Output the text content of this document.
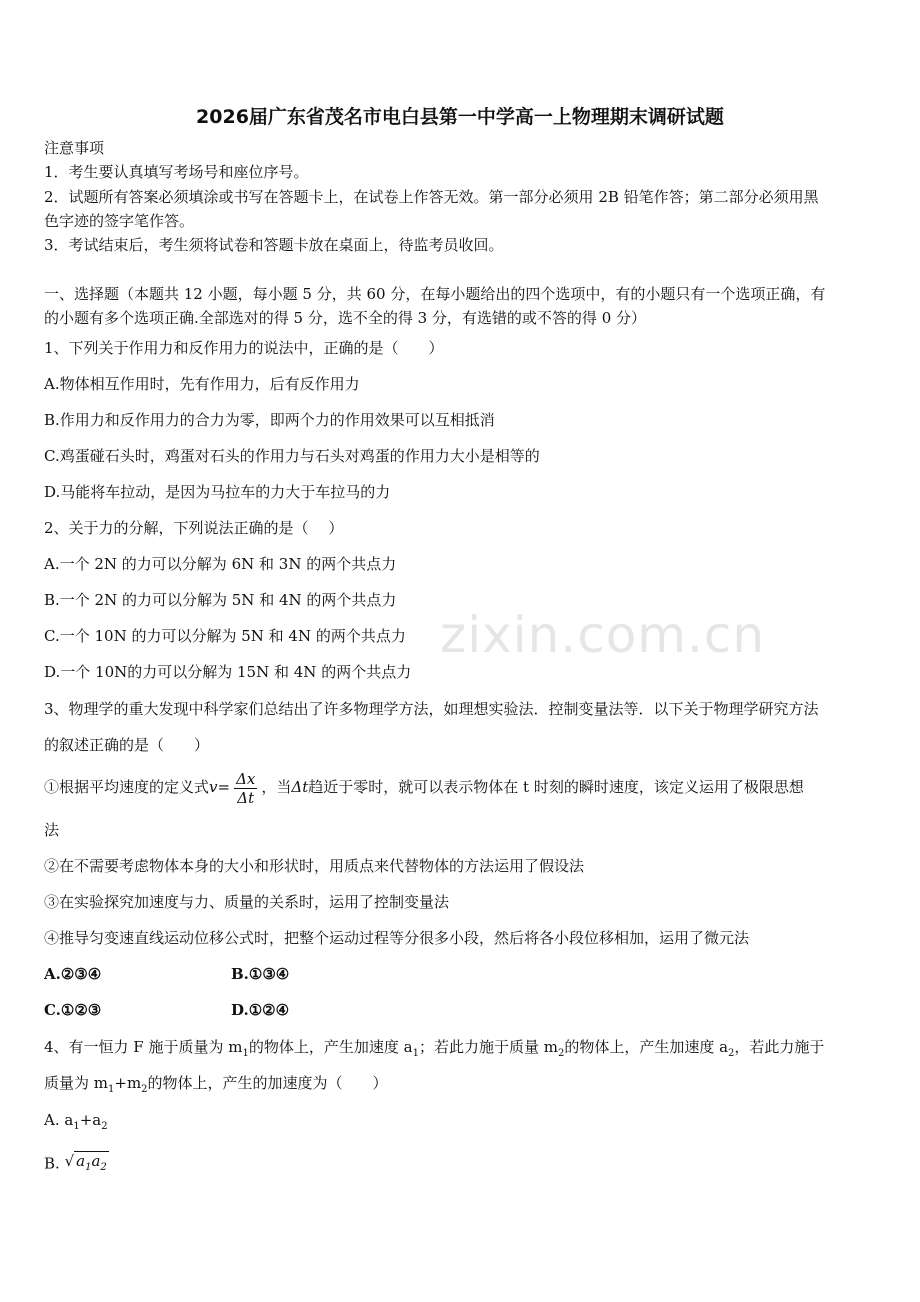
zixin.com.cn
2026届广东省茂名市电白县第一中学高一上物理期末调研试题
注意事项
1．考生要认真填写考场号和座位序号。
2．试题所有答案必须填涂或书写在答题卡上，在试卷上作答无效。第一部分必须用 2B 铅笔作答；第二部分必须用黑
色字迹的签字笔作答。
3．考试结束后，考生须将试卷和答题卡放在桌面上，待监考员收回。
一、选择题（本题共 12 小题，每小题 5 分，共 60 分，在每小题给出的四个选项中，有的小题只有一个选项正确，有
的小题有多个选项正确.全部选对的得 5 分，选不全的得 3 分，有选错的或不答的得 0 分）
1、下列关于作用力和反作用力的说法中，正确的是（　　）
A.物体相互作用时，先有作用力，后有反作用力
B.作用力和反作用力的合力为零，即两个力的作用效果可以互相抵消
C.鸡蛋碰石头时，鸡蛋对石头的作用力与石头对鸡蛋的作用力大小是相等的
D.马能将车拉动，是因为马拉车的力大于车拉马的力
2、关于力的分解，下列说法正确的是（　 ）
A.一个 2N 的力可以分解为 6N 和 3N 的两个共点力
B.一个 2N 的力可以分解为 5N 和 4N 的两个共点力
C.一个 10N 的力可以分解为 5N 和 4N 的两个共点力
D.一个 10N的力可以分解为 15N 和 4N 的两个共点力
3、物理学的重大发现中科学家们总结出了许多物理学方法，如理想实验法．控制变量法等．以下关于物理学研究方法
的叙述正确的是（　　）
①根据平均速度的定义式$v= \frac{\Delta x}{\Delta t}$ ，当Δt趋近于零时，就可以表示物体在 t 时刻的瞬时速度，该定义运用了极限思想
法
②在不需要考虑物体本身的大小和形状时，用质点来代替物体的方法运用了假设法
③在实验探究加速度与力、质量的关系时，运用了控制变量法
④推导匀变速直线运动位移公式时，把整个运动过程等分很多小段，然后将各小段位移相加，运用了微元法
A.②③④	B.①③④
C.①②③	D.①②④
4、有一恒力 F 施于质量为 $m_1$的物体上，产生加速度 $a_1$；若此力施于质量 $m_2$的物体上，产生加速度 $a_2$，若此力施于
质量为 $m_1+m_2$的物体上，产生的加速度为（　　）
A. $a_1+a_2$
B. √ $a_1a_2$
